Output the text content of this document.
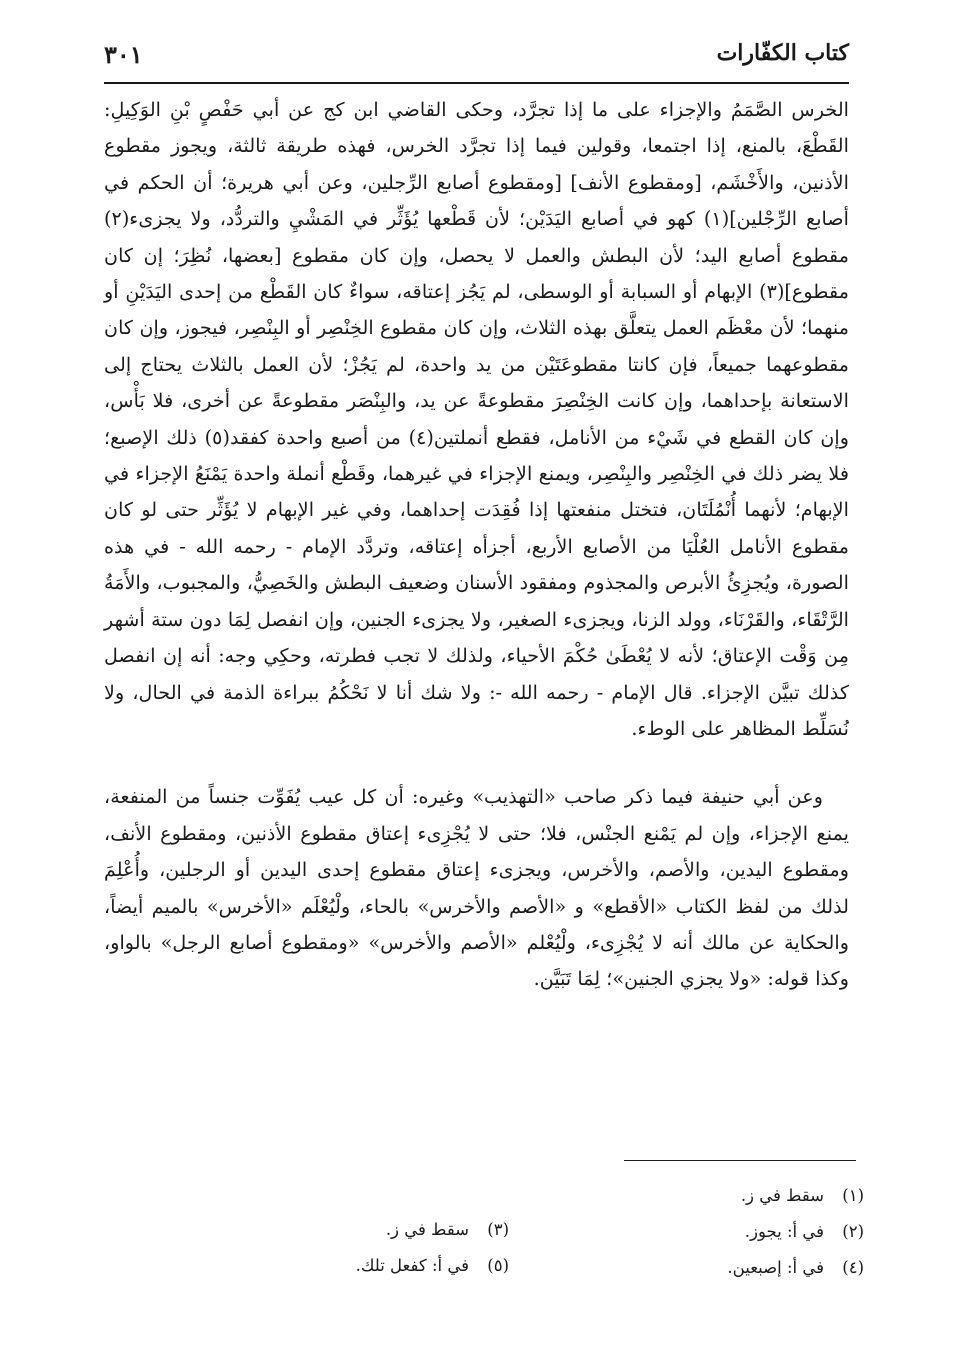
كتاب الكفّارات
٣٠١

الخرس الصَّمَمُ والإجزاء على ما إذا تجرَّد، وحكى القاضي ابن كج عن أبي حَفْصٍ بْنِ الوَكِيلِ: القَطْعَ، بالمنع، إذا اجتمعا، وقولين فيما إذا تجرَّد الخرس، فهذه طريقة ثالثة، ويجوز مقطوع الأذنين، والأَخْشَم، [ومقطوع الأنف] [ومقطوع أصابع الرِّجلين، وعن أبي هريرة؛ أن الحكم في أصابع الرِّجْلين](١) كهو في أصابع اليَدَيْن؛ لأن قَطْعها يُؤَثِّر في المَشْيِ والتردُّد، ولا يجزىء(٢) مقطوع أصابع اليد؛ لأن البطش والعمل لا يحصل، وإن كان مقطوع [بعضها، نُظِرَ؛ إن كان مقطوع](٣) الإبهام أو السبابة أو الوسطى، لم يَجُز إعتاقه، سواءٌ كان القَطْع من إحدى اليَدَيْنِ أو منهما؛ لأن معْظَم العمل يتعلَّق بهذه الثلاث، وإن كان مقطوع الخِنْصِر أو البِنْصِر، فيجوز، وإن كان مقطوعهما جميعاً، فإن كانتا مقطوعَتَيْن من يد واحدة، لم يَجُزْ؛ لأن العمل بالثلاث يحتاج إلى الاستعانة بإحداهما، وإن كانت الخِنْصِرَ مقطوعةً عن يد، والبِنْصَر مقطوعةً عن أخرى، فلا بَأْس، وإن كان القطع في شَيْء من الأنامل، فقطع أنملتين(٤) من أصبع واحدة كفقد(٥) ذلك الإصبع؛ فلا يضر ذلك في الخِنْصِر والبِنْصِر، ويمنع الإجزاء في غيرهما، وقَطْع أنملة واحدة يَمْنَعُ الإجزاء في الإبهام؛ لأنهما أُنْمُلَتَان، فتختل منفعتها إذا فُقِدَت إحداهما، وفي غير الإبهام لا يُؤَثِّر حتى لو كان مقطوع الأنامل العُلْيَا من الأصابع الأربع، أجزأه إعتاقه، وتردَّد الإمام - رحمه الله - في هذه الصورة، ويُجزِئُ الأبرص والمجذوم ومفقود الأسنان وضعيف البطش والخَصِيُّ، والمجبوب، والأَمَةُ الرَّتْقَاء، والقَرْنَاء، وولد الزنا، ويجزىء الصغير، ولا يجزىء الجنين، وإن انفصل لِمَا دون ستة أشهر مِن وَقْت الإعتاق؛ لأنه لا يُعْطَىٰ حُكْمَ الأحياء، ولذلك لا تجب فطرته، وحكِي وجه: أنه إن انفصل كذلك تبيَّن الإجزاء. قال الإمام - رحمه الله -: ولا شك أنا لا نَحْكُمُ ببراءة الذمة في الحال، ولا نُسَلِّط المظاهر على الوطء.

وعن أبي حنيفة فيما ذكر صاحب «التهذيب» وغيره: أن كل عيب يُفَوِّت جنساً من المنفعة، يمنع الإجزاء، وإن لم يَمْنع الجنْس، فلا؛ حتى لا يُجْزِىء إعتاق مقطوع الأذنين، ومقطوع الأنف، ومقطوع اليدين، والأصم، والأخرس، ويجزىء إعتاق مقطوع إحدى اليدين أو الرجلين، وأُعْلِمَ لذلك من لفظ الكتاب «الأقطع» و «الأصم والأخرس» بالحاء، ولْيُعْلَم «الأخرس» بالميم أيضاً، والحكاية عن مالك أنه لا يُجْزِىء، ولْيُعْلم «الأصم والأخرس» «ومقطوع أصابع الرجل» بالواو، وكذا قوله: «ولا يجزي الجنين»؛ لِمَا تَبَيَّن.

(١)سقط في ز.
(٢)في أ: يجوز.
(٤)في أ: إصبعين.
(٣)سقط في ز.
(٥)في أ: كفعل تلك.
